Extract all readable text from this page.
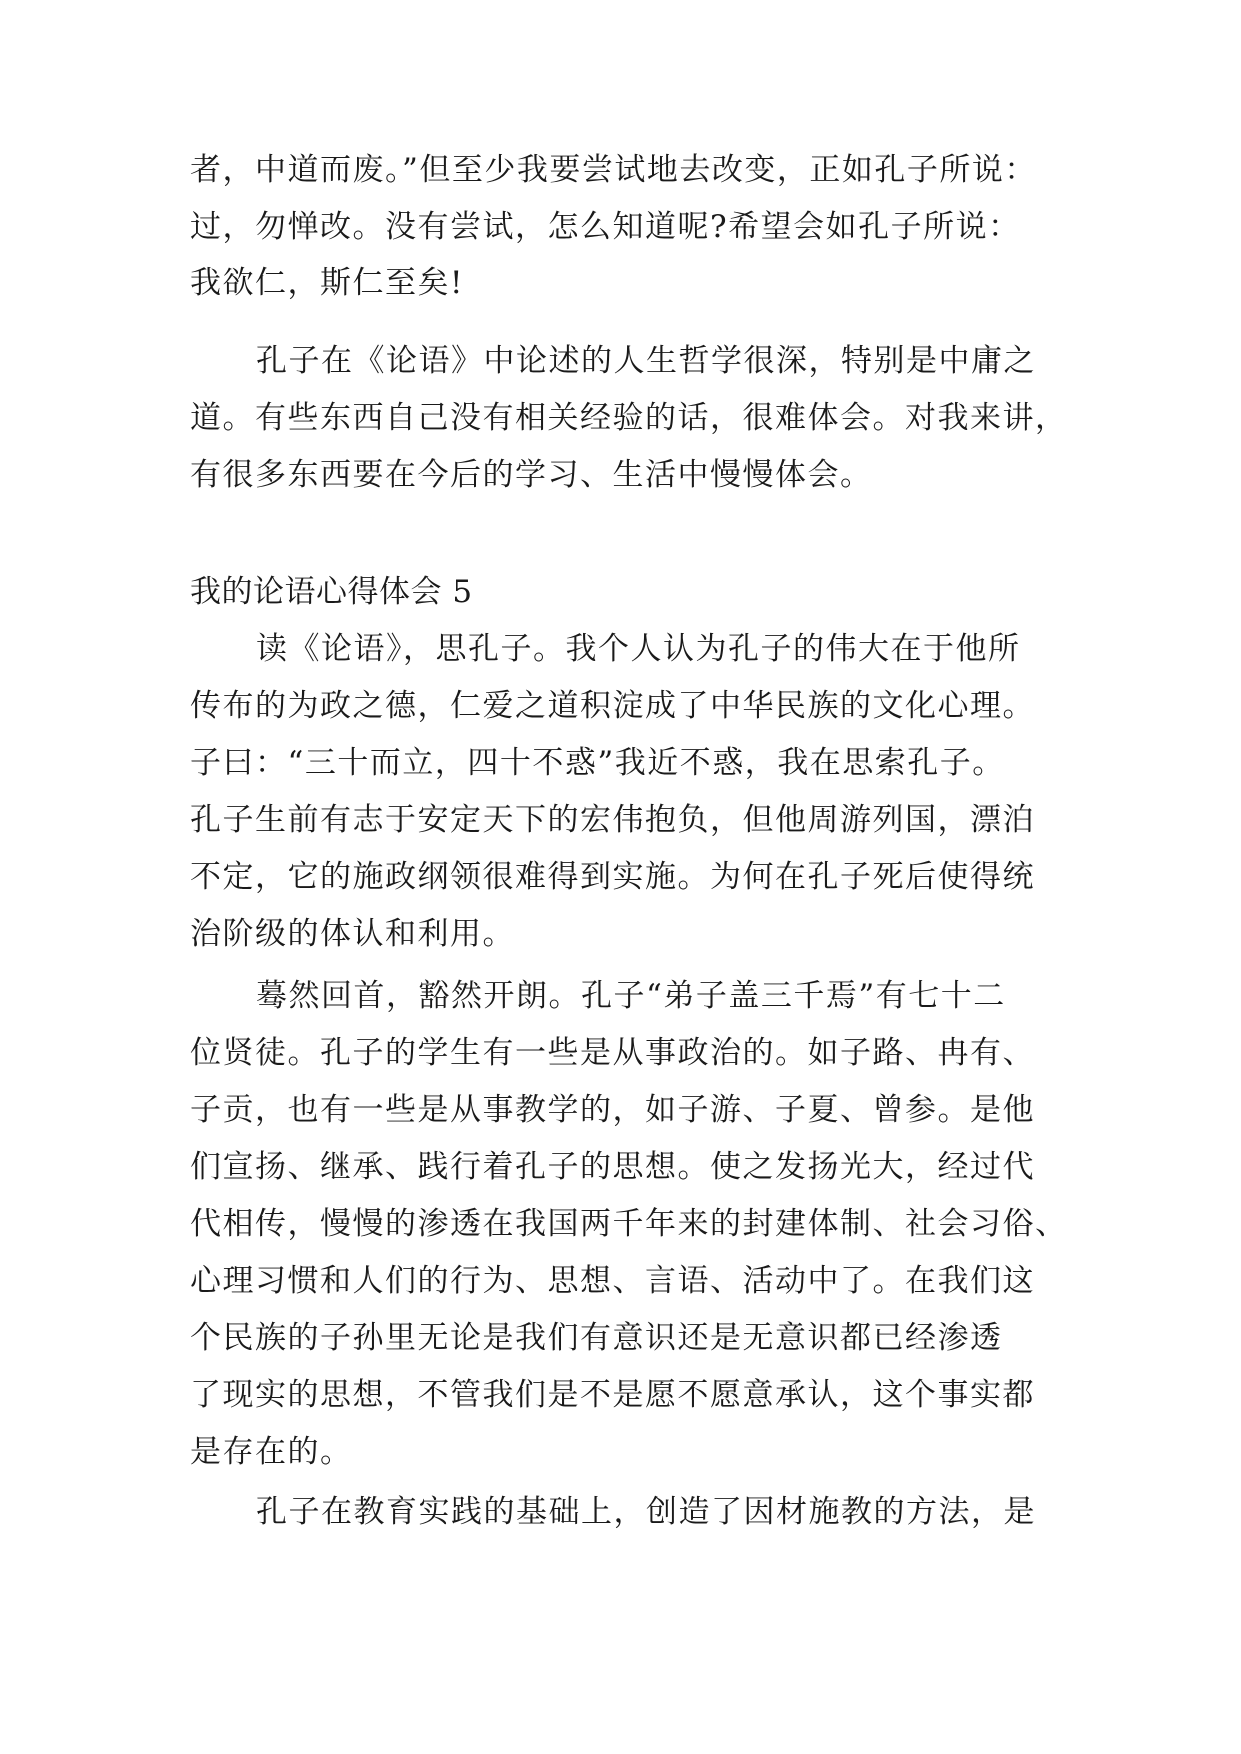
者，中道而废。”但至少我要尝试地去改变，正如孔子所说：
过，勿惮改。没有尝试，怎么知道呢?希望会如孔子所说：
我欲仁，斯仁至矣!
孔子在《论语》中论述的人生哲学很深，特别是中庸之
道。有些东西自己没有相关经验的话，很难体会。对我来讲，
有很多东西要在今后的学习、生活中慢慢体会。
我的论语心得体会 5
读《论语》，思孔子。我个人认为孔子的伟大在于他所
传布的为政之德，仁爱之道积淀成了中华民族的文化心理。
子曰：“三十而立，四十不惑”我近不惑，我在思索孔子。
孔子生前有志于安定天下的宏伟抱负，但他周游列国，漂泊
不定，它的施政纲领很难得到实施。为何在孔子死后使得统
治阶级的体认和利用。
蓦然回首，豁然开朗。孔子“弟子盖三千焉”有七十二
位贤徒。孔子的学生有一些是从事政治的。如子路、冉有、
子贡，也有一些是从事教学的，如子游、子夏、曾参。是他
们宣扬、继承、践行着孔子的思想。使之发扬光大，经过代
代相传，慢慢的渗透在我国两千年来的封建体制、社会习俗、
心理习惯和人们的行为、思想、言语、活动中了。在我们这
个民族的子孙里无论是我们有意识还是无意识都已经渗透
了现实的思想，不管我们是不是愿不愿意承认，这个事实都
是存在的。
孔子在教育实践的基础上，创造了因材施教的方法，是
